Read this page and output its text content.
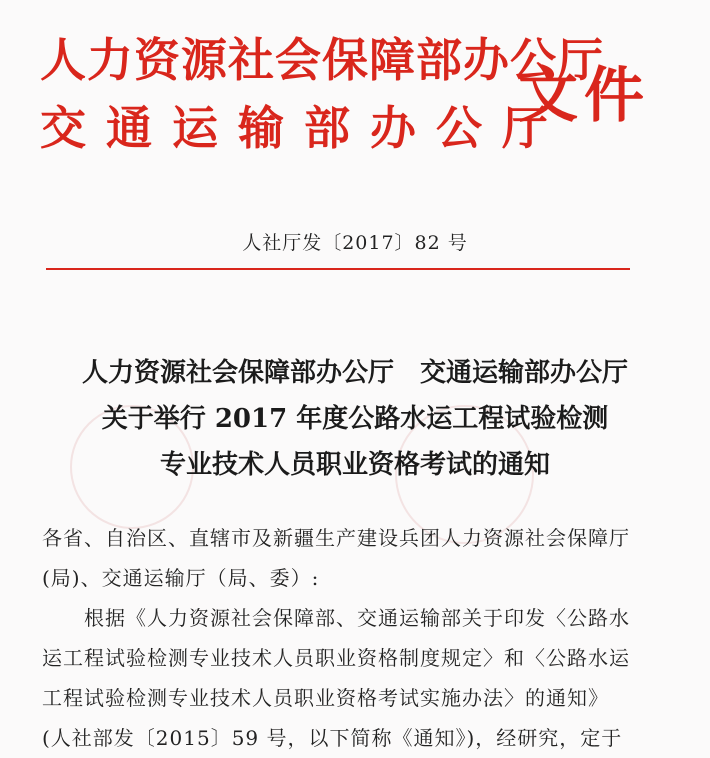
人力资源社会保障部办公厅
交通运输部办公厅
文件
人社厅发〔2017〕82 号
人力资源社会保障部办公厅　交通运输部办公厅
关于举行 2017 年度公路水运工程试验检测
专业技术人员职业资格考试的通知

各省、自治区、直辖市及新疆生产建设兵团人力资源社会保障厅

(局)、交通运输厅（局、委）:

根据《人力资源社会保障部、交通运输部关于印发〈公路水

运工程试验检测专业技术人员职业资格制度规定〉和〈公路水运

工程试验检测专业技术人员职业资格考试实施办法〉的通知》

(人社部发〔2015〕59 号，以下简称《通知》)，经研究，定于
